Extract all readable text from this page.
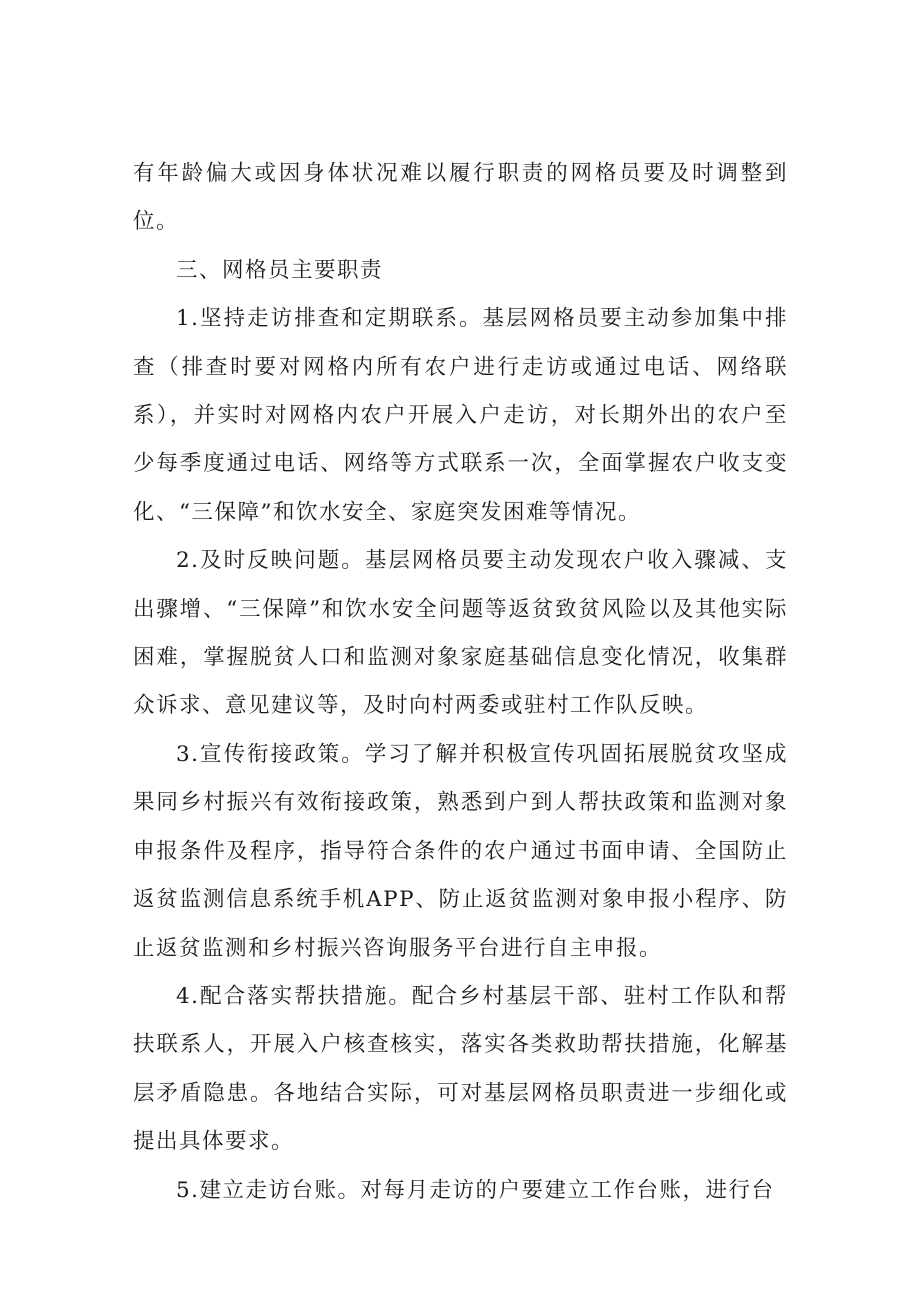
有年龄偏大或因身体状况难以履行职责的网格员要及时调整到位。

三、网格员主要职责

1.坚持走访排查和定期联系。基层网格员要主动参加集中排查（排查时要对网格内所有农户进行走访或通过电话、网络联系），并实时对网格内农户开展入户走访，对长期外出的农户至少每季度通过电话、网络等方式联系一次，全面掌握农户收支变化、“三保障”和饮水安全、家庭突发困难等情况。

2.及时反映问题。基层网格员要主动发现农户收入骤减、支出骤增、“三保障”和饮水安全问题等返贫致贫风险以及其他实际困难，掌握脱贫人口和监测对象家庭基础信息变化情况，收集群众诉求、意见建议等，及时向村两委或驻村工作队反映。

3.宣传衔接政策。学习了解并积极宣传巩固拓展脱贫攻坚成果同乡村振兴有效衔接政策，熟悉到户到人帮扶政策和监测对象申报条件及程序，指导符合条件的农户通过书面申请、全国防止返贫监测信息系统手机APP、防止返贫监测对象申报小程序、防止返贫监测和乡村振兴咨询服务平台进行自主申报。

4.配合落实帮扶措施。配合乡村基层干部、驻村工作队和帮扶联系人，开展入户核查核实，落实各类救助帮扶措施，化解基层矛盾隐患。各地结合实际，可对基层网格员职责进一步细化或提出具体要求。

5.建立走访台账。对每月走访的户要建立工作台账，进行台
